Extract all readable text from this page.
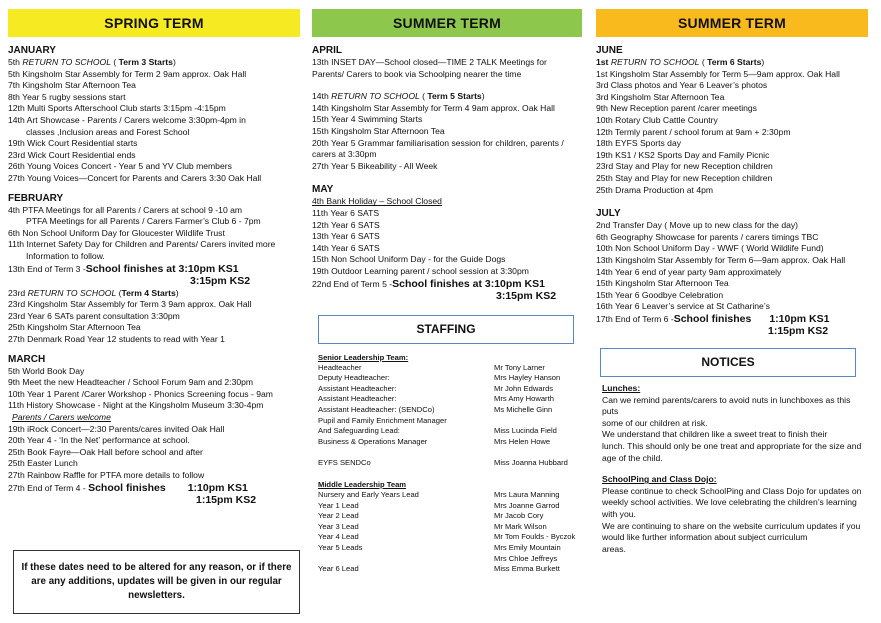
SPRING TERM
JANUARY
5th RETURN TO SCHOOL ( Term 3 Starts)
5th Kingsholm Star Assembly for Term 2 9am approx. Oak Hall
7th Kingsholm Star Afternoon Tea
8th Year 5 rugby sessions start
12th Multi Sports Afterschool Club starts 3:15pm -4:15pm
14th Art Showcase - Parents / Carers welcome 3:30pm-4pm in
classes ,Inclusion areas and Forest School
19th Wick Court Residential starts
23rd Wick Court Residential ends
26th Young Voices Concert - Year 5 and YV Club members
27th Young Voices—Concert for Parents and Carers 3:30 Oak Hall
FEBRUARY
4th PTFA Meetings for all Parents / Carers at school 9 -10 am
PTFA Meetings for all Parents / Carers Farmer’s Club 6 - 7pm
6th Non School Uniform Day for Gloucester Wildlife Trust
11th Internet Safety Day for Children and Parents/ Carers invited more
Information to follow.
13th End of Term 3 -School finishes at 3:10pm KS1
3:15pm KS2
23rd RETURN TO SCHOOL (Term 4 Starts)
23rd Kingsholm Star Assembly for Term 3 9am approx. Oak Hall
23rd Year 6 SATs parent consultation 3:30pm
25th Kingsholm Star Afternoon Tea
27th Denmark Road Year 12 students to read with Year 1
MARCH
5th World Book Day
9th Meet the new Headteacher / School Forum 9am and 2:30pm
10th Year 1 Parent /Carer Workshop - Phonics Screening focus - 9am
11th History Showcase - Night at the Kingsholm Museum 3:30-4pm
Parents / Carers welcome
19th iRock Concert—2:30 Parents/cares invited Oak Hall
20th Year 4 - ‘In the Net’ performance at school.
25th Book Fayre—Oak Hall before school and after
25th Easter Lunch
27th Rainbow Raffle for PTFA more details to follow
27th End of Term 4 - School finishes 1:10pm KS1
1:15pm KS2
If these dates need to be altered for any reason, or if there are any additions, updates will be given in our regular newsletters.
SUMMER TERM
APRIL
13th INSET DAY—School closed—TIME 2 TALK Meetings for
Parents/ Carers to book via Schoolping nearer the time
14th RETURN TO SCHOOL ( Term 5 Starts)
14th Kingsholm Star Assembly for Term 4 9am approx. Oak Hall
15th Year 4 Swimming Starts
15th Kingsholm Star Afternoon Tea
20th Year 5 Grammar familiarisation session for children, parents /
carers at 3:30pm
27th Year 5 Bikeability - All Week
MAY
4th Bank Holiday – School Closed
11th Year 6 SATS
12th Year 6 SATS
13th Year 6 SATS
14th Year 6 SATS
15th Non School Uniform Day - for the Guide Dogs
19th Outdoor Learning parent / school session at 3:30pm
22nd End of Term 5 -School finishes at 3:10pm KS1
3:15pm KS2
STAFFING
Senior Leadership Team:
Headteacher	Mr Tony Larner
Deputy Headteacher:	Mrs Hayley Hanson
Assistant Headteacher:	Mr John Edwards
Assistant Headteacher:	Mrs Amy Howarth
Assistant Headteacher: (SENDCo)	Ms Michelle Ginn
Pupil and Family Enrichment Manager
And Safeguarding Lead:	Miss Lucinda Field
Business & Operations Manager	Mrs Helen Howe
EYFS SENDCo	Miss Joanna Hubbard
Middle Leadership Team
Nursery and Early Years Lead	Mrs Laura Manning
Year 1 Lead	Mrs Joanne Garrod
Year 2 Lead	Mr Jacob Cory
Year 3 Lead	Mr Mark Wilson
Year 4 Lead	Mr Tom Foulds - Byczok
Year 5 Leads	Mrs Emily Mountain
Mrs Chloe Jeffreys
Year 6 Lead	Miss Emma Burkett
SUMMER TERM
JUNE
1st RETURN TO SCHOOL ( Term 6 Starts)
1st Kingsholm Star Assembly for Term 5—9am approx. Oak Hall
3rd Class photos and Year 6 Leaver’s photos
3rd Kingsholm Star Afternoon Tea
9th New Reception parent /carer meetings
10th Rotary Club Cattle Country
12th Termly parent / school forum at 9am + 2:30pm
18th EYFS Sports day
19th KS1 / KS2 Sports Day and Family Picnic
23rd Stay and Play for new Reception children
25th Stay and Play for new Reception children
25th Drama Production at 4pm
JULY
2nd Transfer Day ( Move up to new class for the day)
6th Geography Showcase for parents / carers timings TBC
10th Non School Uniform Day - WWF ( World Wildlife Fund)
13th Kingsholm Star Assembly for Term 6—9am approx. Oak Hall
14th Year 6 end of year party 9am approximately
15th Kingsholm Star Afternoon Tea
15th Year 6 Goodbye Celebration
16th Year 6 Leaver’s service at St Catharine’s
17th End of Term 6 -School finishes 1:10pm KS1
1:15pm KS2
NOTICES
Lunches:
Can we remind parents/carers to avoid nuts in lunchboxes as this puts
some of our children at risk.
We understand that children like a sweet treat to finish their
lunch. This should only be one treat and appropriate for the size and
age of the child.
SchoolPing and Class Dojo:
Please continue to check SchoolPing and Class Dojo for updates on
weekly school activities. We love celebrating the children’s learning
with you.
We are continuing to share on the website curriculum updates if you
would like further information about subject curriculum
areas.
